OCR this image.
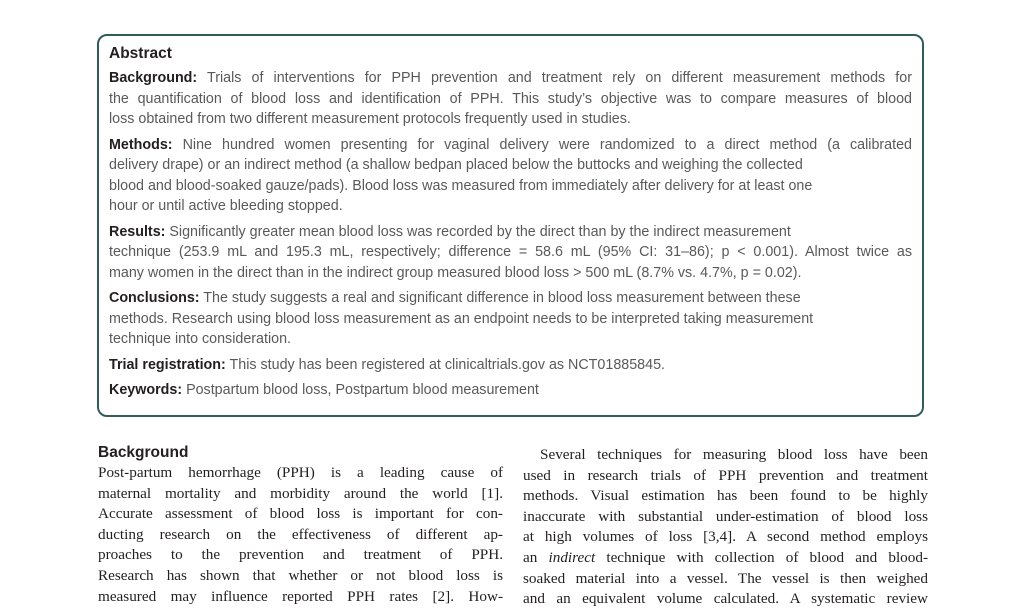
Abstract
Background: Trials of interventions for PPH prevention and treatment rely on different measurement methods for
the quantification of blood loss and identification of PPH. This study’s objective was to compare measures of blood
loss obtained from two different measurement protocols frequently used in studies.
Methods: Nine hundred women presenting for vaginal delivery were randomized to a direct method (a calibrated
delivery drape) or an indirect method (a shallow bedpan placed below the buttocks and weighing the collected
blood and blood-soaked gauze/pads). Blood loss was measured from immediately after delivery for at least one
hour or until active bleeding stopped.
Results: Significantly greater mean blood loss was recorded by the direct than by the indirect measurement
technique (253.9 mL and 195.3 mL, respectively; difference = 58.6 mL (95% CI: 31–86); p < 0.001). Almost twice as
many women in the direct than in the indirect group measured blood loss > 500 mL (8.7% vs. 4.7%, p = 0.02).
Conclusions: The study suggests a real and significant difference in blood loss measurement between these
methods. Research using blood loss measurement as an endpoint needs to be interpreted taking measurement
technique into consideration.
Trial registration: This study has been registered at clinicaltrials.gov as NCT01885845.
Keywords: Postpartum blood loss, Postpartum blood measurement
Background
Post-partum hemorrhage (PPH) is a leading cause of
maternal mortality and morbidity around the world [1].
Accurate assessment of blood loss is important for con-
ducting research on the effectiveness of different ap-
proaches to the prevention and treatment of PPH.
Research has shown that whether or not blood loss is
measured may influence reported PPH rates [2]. How-
Several techniques for measuring blood loss have been
used in research trials of PPH prevention and treatment
methods. Visual estimation has been found to be highly
inaccurate with substantial under-estimation of blood loss
at high volumes of loss [3,4]. A second method employs
an indirect technique with collection of blood and blood-
soaked material into a vessel. The vessel is then weighed
and an equivalent volume calculated. A systematic review
